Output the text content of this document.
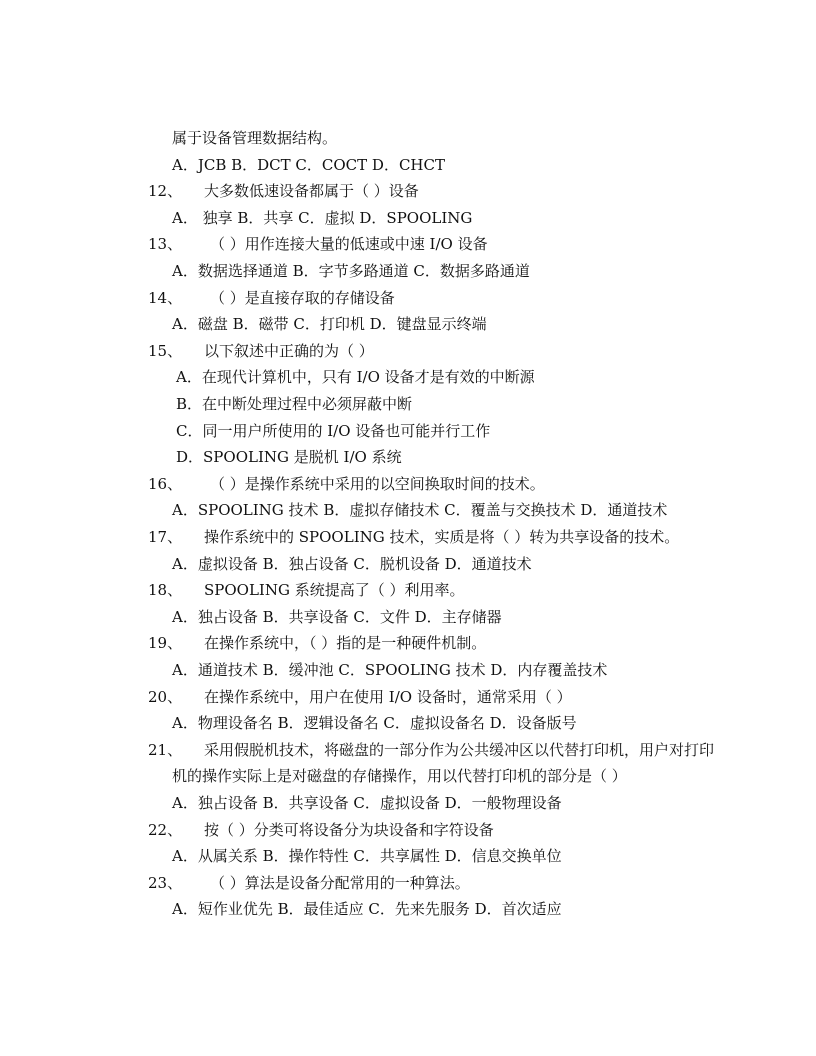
属于设备管理数据结构。
A．JCB B．DCT C．COCT D．CHCT
12、 大多数低速设备都属于（ ）设备
A． 独享 B．共享 C．虚拟 D．SPOOLING
13、 （ ）用作连接大量的低速或中速 I/O 设备
A．数据选择通道 B．字节多路通道 C．数据多路通道
14、 （ ）是直接存取的存储设备
A．磁盘 B．磁带 C．打印机 D．键盘显示终端
15、 以下叙述中正确的为（ ）
A．在现代计算机中，只有 I/O 设备才是有效的中断源
B．在中断处理过程中必须屏蔽中断
C．同一用户所使用的 I/O 设备也可能并行工作
D．SPOOLING 是脱机 I/O 系统
16、 （ ）是操作系统中采用的以空间换取时间的技术。
A．SPOOLING 技术 B．虚拟存储技术 C．覆盖与交换技术 D．通道技术
17、 操作系统中的 SPOOLING 技术，实质是将（ ）转为共享设备的技术。
A．虚拟设备 B．独占设备 C．脱机设备 D．通道技术
18、 SPOOLING 系统提高了（ ）利用率。
A．独占设备 B．共享设备 C．文件 D．主存储器
19、 在操作系统中，（ ）指的是一种硬件机制。
A．通道技术 B．缓冲池 C．SPOOLING 技术 D．内存覆盖技术
20、 在操作系统中，用户在使用 I/O 设备时，通常采用（ ）
A．物理设备名 B．逻辑设备名 C．虚拟设备名 D．设备版号
21、 采用假脱机技术，将磁盘的一部分作为公共缓冲区以代替打印机，用户对打印
机的操作实际上是对磁盘的存储操作，用以代替打印机的部分是（ ）
A．独占设备 B．共享设备 C．虚拟设备 D．一般物理设备
22、 按（ ）分类可将设备分为块设备和字符设备
A．从属关系 B．操作特性 C．共享属性 D．信息交换单位
23、 （ ）算法是设备分配常用的一种算法。
A．短作业优先 B．最佳适应 C．先来先服务 D．首次适应
